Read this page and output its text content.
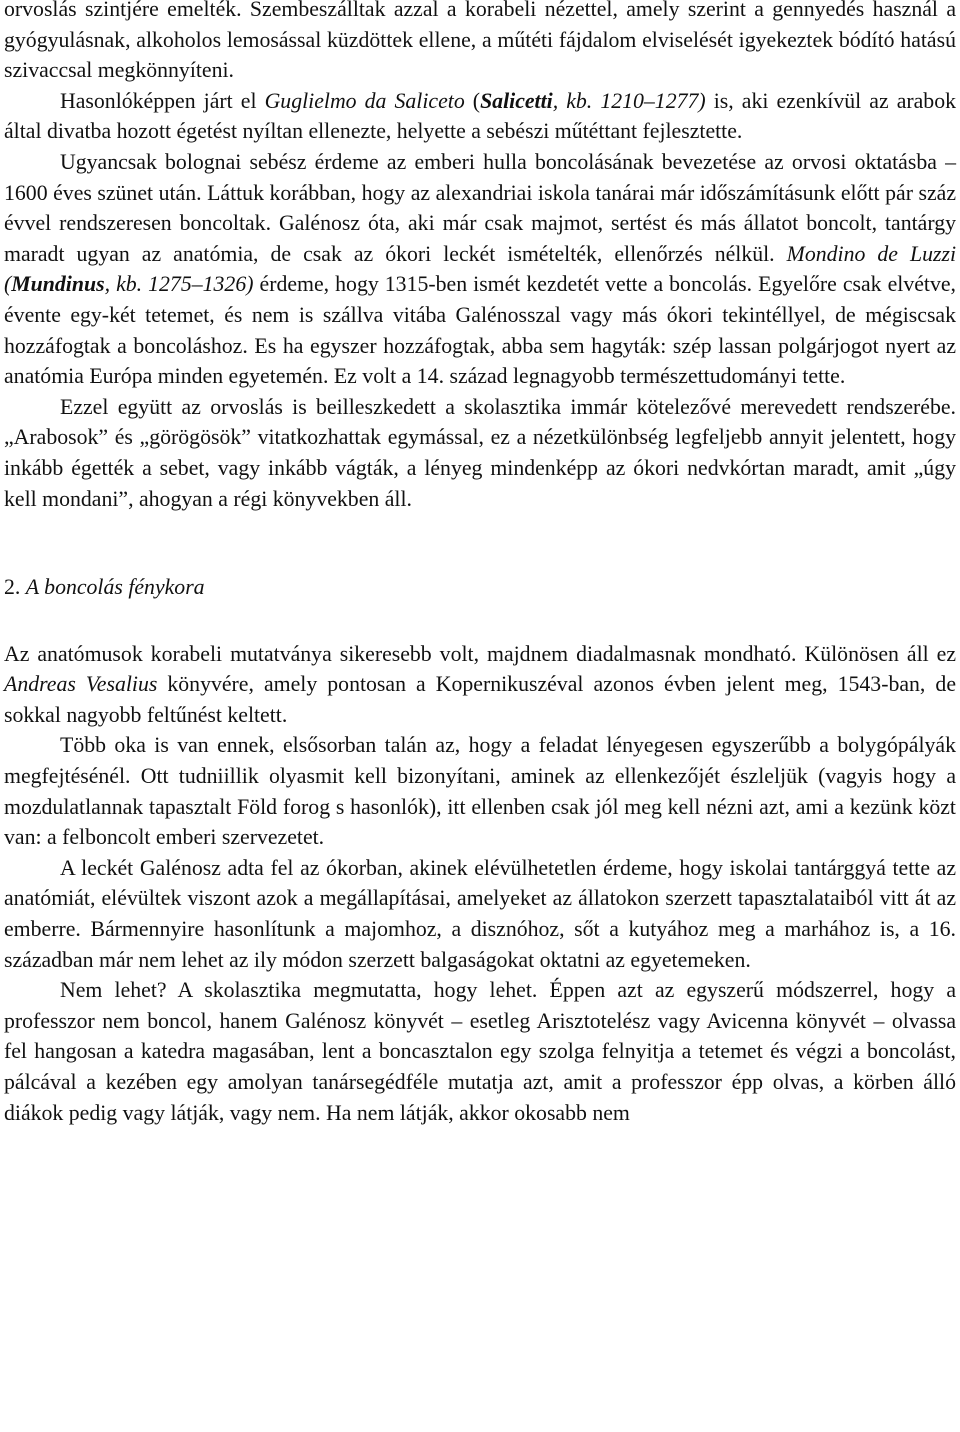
orvoslás szintjére emelték. Szembeszálltak azzal a korabeli nézettel, amely szerint a gennyedés használ a gyógyulásnak, alkoholos lemosással küzdöttek ellene, a műtéti fájdalom elviselését igyekeztek bódító hatású szivaccsal megkönnyíteni.

Hasonlóképpen járt el Guglielmo da Saliceto (Salicetti, kb. 1210–1277) is, aki ezenkívül az arabok által divatba hozott égetést nyíltan ellenezte, helyette a sebészi műtéttant fejlesztette.

Ugyancsak bolognai sebész érdeme az emberi hulla boncolásának bevezetése az orvosi oktatásba – 1600 éves szünet után. Láttuk korábban, hogy az alexandriai iskola tanárai már időszámításunk előtt pár száz évvel rendszeresen boncoltak. Galénosz óta, aki már csak majmot, sertést és más állatot boncolt, tantárgy maradt ugyan az anatómia, de csak az ókori leckét ismételték, ellenőrzés nélkül. Mondino de Luzzi (Mundinus, kb. 1275–1326) érdeme, hogy 1315-ben ismét kezdetét vette a boncolás. Egyelőre csak elvétve, évente egy-két tetemet, és nem is szállva vitába Galénosszal vagy más ókori tekintéllyel, de mégiscsak hozzáfogtak a boncoláshoz. Es ha egyszer hozzáfogtak, abba sem hagyták: szép lassan polgárjogot nyert az anatómia Európa minden egyetemén. Ez volt a 14. század legnagyobb természettudományi tette.

Ezzel együtt az orvoslás is beilleszkedett a skolasztika immár kötelezővé merevedett rendszerébe. „Arabosok” és „görögösök” vitatkozhattak egymással, ez a nézetkülönbség legfeljebb annyit jelentett, hogy inkább égették a sebet, vagy inkább vágták, a lényeg mindenképp az ókori nedvkórtan maradt, amit „úgy kell mondani”, ahogyan a régi könyvekben áll.

2. A boncolás fénykora

Az anatómusok korabeli mutatványa sikeresebb volt, majdnem diadalmasnak mondható. Különösen áll ez Andreas Vesalius könyvére, amely pontosan a Kopernikuszéval azonos évben jelent meg, 1543-ban, de sokkal nagyobb feltűnést keltett.

Több oka is van ennek, elsősorban talán az, hogy a feladat lényegesen egyszerűbb a bolygópályák megfejtésénél. Ott tudniillik olyasmit kell bizonyítani, aminek az ellenkezőjét észleljük (vagyis hogy a mozdulatlannak tapasztalt Föld forog s hasonlók), itt ellenben csak jól meg kell nézni azt, ami a kezünk közt van: a felboncolt emberi szervezetet.

A leckét Galénosz adta fel az ókorban, akinek elévülhetetlen érdeme, hogy iskolai tantárggyá tette az anatómiát, elévültek viszont azok a megállapításai, amelyeket az állatokon szerzett tapasztalataiból vitt át az emberre. Bármennyire hasonlítunk a majomhoz, a disznóhoz, sőt a kutyához meg a marhához is, a 16. században már nem lehet az ily módon szerzett balgaságokat oktatni az egyetemeken.

Nem lehet? A skolasztika megmutatta, hogy lehet. Éppen azt az egyszerű módszerrel, hogy a professzor nem boncol, hanem Galénosz könyvét – esetleg Arisztotelész vagy Avicenna könyvét – olvassa fel hangosan a katedra magasában, lent a boncasztalon egy szolga felnyitja a tetemet és végzi a boncolást, pálcával a kezében egy amolyan tanársegédféle mutatja azt, amit a professzor épp olvas, a körben álló diákok pedig vagy látják, vagy nem. Ha nem látják, akkor okosabb nem
